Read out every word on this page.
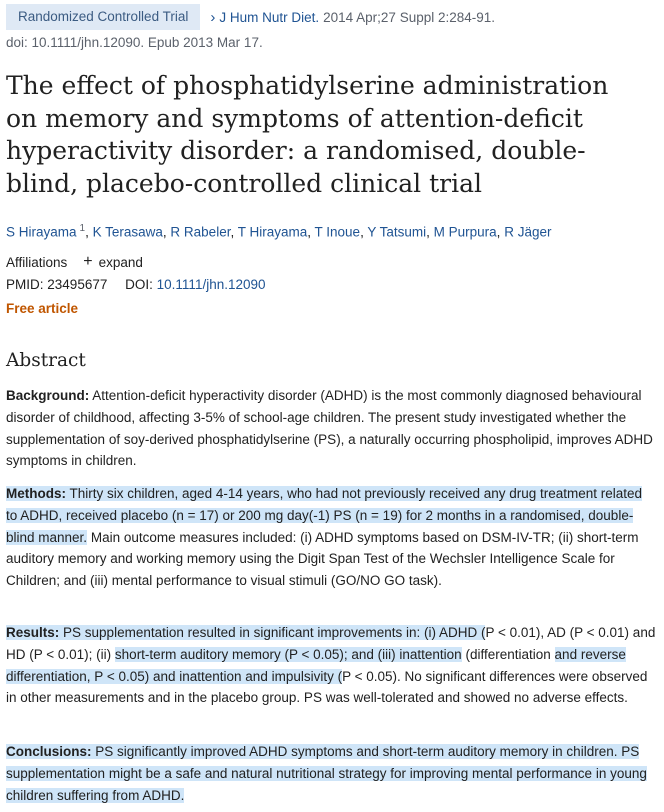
Randomized Controlled Trial	› J Hum Nutr Diet. 2014 Apr;27 Suppl 2:284-91.
doi: 10.1111/jhn.12090. Epub 2013 Mar 17.
The effect of phosphatidylserine administration on memory and symptoms of attention-deficit hyperactivity disorder: a randomised, double-blind, placebo-controlled clinical trial
S Hirayama $^1$, K Terasawa, R Rabeler, T Hirayama, T Inoue, Y Tatsumi, M Purpura, R Jäger
Affiliations + expand
PMID: 23495677 DOI: 10.1111/jhn.12090
Free article
Abstract
Background: Attention-deficit hyperactivity disorder (ADHD) is the most commonly diagnosed behavioural disorder of childhood, affecting 3-5% of school-age children. The present study investigated whether the supplementation of soy-derived phosphatidylserine (PS), a naturally occurring phospholipid, improves ADHD symptoms in children.
Methods: Thirty six children, aged 4-14 years, who had not previously received any drug treatment related to ADHD, received placebo (n = 17) or 200 mg day(-1) PS (n = 19) for 2 months in a randomised, double-blind manner. Main outcome measures included: (i) ADHD symptoms based on DSM-IV-TR; (ii) short-term auditory memory and working memory using the Digit Span Test of the Wechsler Intelligence Scale for Children; and (iii) mental performance to visual stimuli (GO/NO GO task).
Results: PS supplementation resulted in significant improvements in: (i) ADHD (P < 0.01), AD (P < 0.01) and HD (P < 0.01); (ii) short-term auditory memory (P < 0.05); and (iii) inattention (differentiation and reverse differentiation, P < 0.05) and inattention and impulsivity (P < 0.05). No significant differences were observed in other measurements and in the placebo group. PS was well-tolerated and showed no adverse effects.
Conclusions: PS significantly improved ADHD symptoms and short-term auditory memory in children. PS supplementation might be a safe and natural nutritional strategy for improving mental performance in young children suffering from ADHD.
